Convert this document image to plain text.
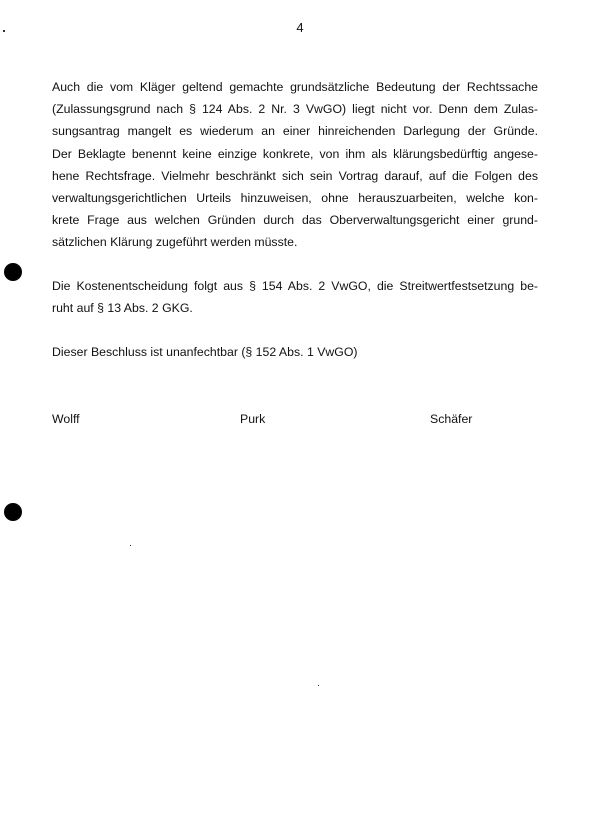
4
Auch die vom Kläger geltend gemachte grundsätzliche Bedeutung der Rechtssache
(Zulassungsgrund nach § 124 Abs. 2 Nr. 3 VwGO) liegt nicht vor. Denn dem Zulas-
sungsantrag mangelt es wiederum an einer hinreichenden Darlegung der Gründe.
Der Beklagte benennt keine einzige konkrete, von ihm als klärungsbedürftig angese-
hene Rechtsfrage. Vielmehr beschränkt sich sein Vortrag darauf, auf die Folgen des
verwaltungsgerichtlichen Urteils hinzuweisen, ohne herauszuarbeiten, welche kon-
krete Frage aus welchen Gründen durch das Oberverwaltungsgericht einer grund-
sätzlichen Klärung zugeführt werden müsste.
Die Kostenentscheidung folgt aus § 154 Abs. 2 VwGO, die Streitwertfestsetzung be-
ruht auf § 13 Abs. 2 GKG.
Dieser Beschluss ist unanfechtbar (§ 152 Abs. 1 VwGO)
Wolff	Purk	Schäfer
